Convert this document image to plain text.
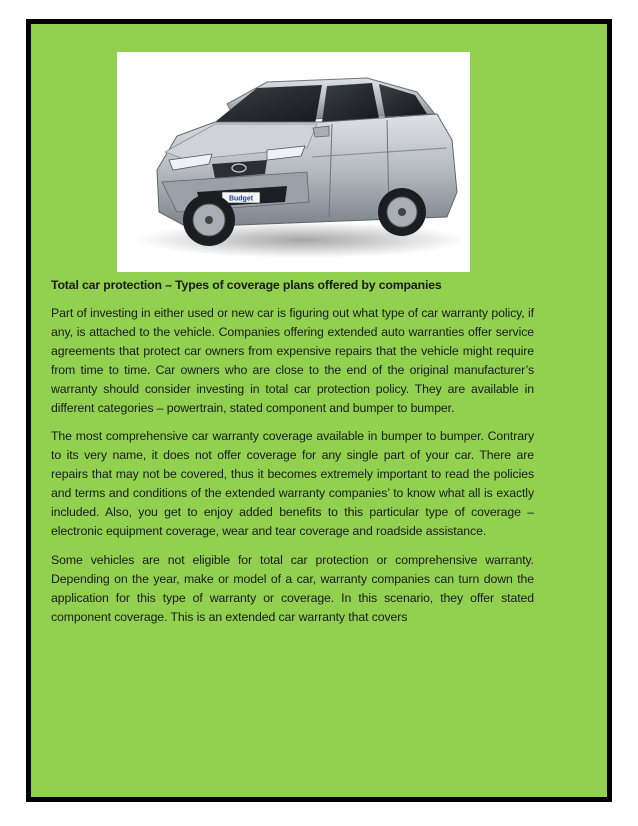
Budget
Total car protection – Types of coverage plans offered by companies

Part of investing in either used or new car is figuring out what type of car warranty policy, if any, is attached to the vehicle. Companies offering extended auto warranties offer service agreements that protect car owners from expensive repairs that the vehicle might require from time to time. Car owners who are close to the end of the original manufacturer’s warranty should consider investing in total car protection policy. They are available in different categories – powertrain, stated component and bumper to bumper.

The most comprehensive car warranty coverage available in bumper to bumper. Contrary to its very name, it does not offer coverage for any single part of your car. There are repairs that may not be covered, thus it becomes extremely important to read the policies and terms and conditions of the extended warranty companies’ to know what all is exactly included. Also, you get to enjoy added benefits to this particular type of coverage – electronic equipment coverage, wear and tear coverage and roadside assistance.

Some vehicles are not eligible for total car protection or comprehensive warranty. Depending on the year, make or model of a car, warranty companies can turn down the application for this type of warranty or coverage. In this scenario, they offer stated component coverage. This is an extended car warranty that covers
